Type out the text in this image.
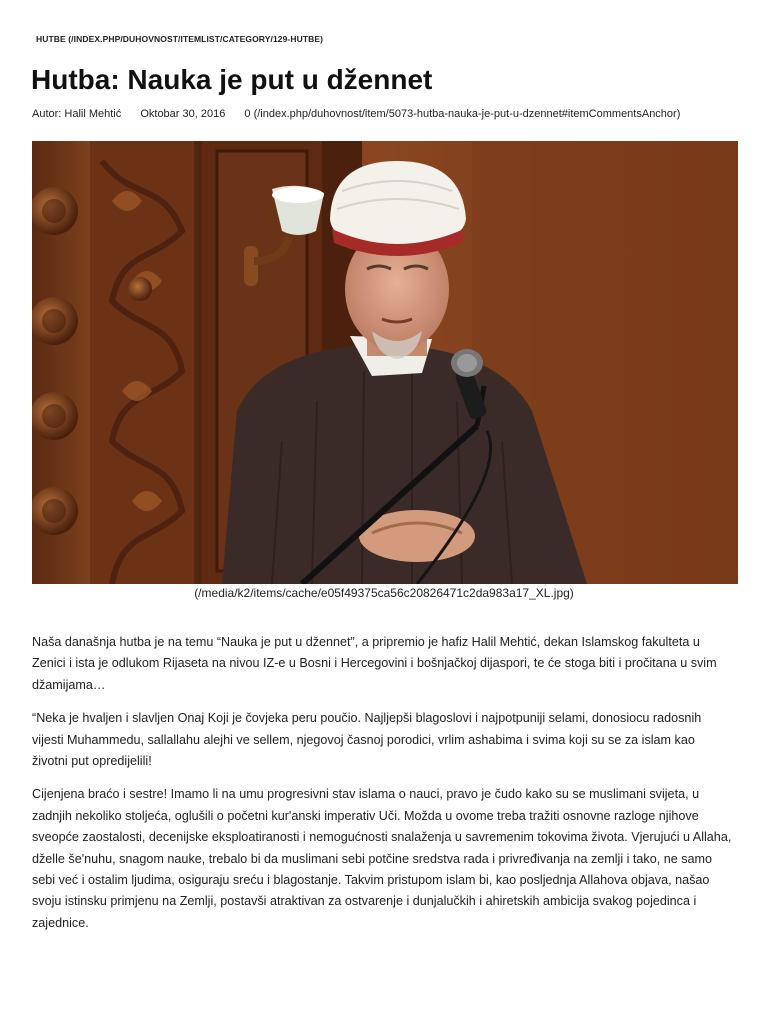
HUTBE (/INDEX.PHP/DUHOVNOST/ITEMLIST/CATEGORY/129-HUTBE)
Hutba: Nauka je put u džennet
Autor: Halil Mehtić Oktobar 30, 2016 0 (/index.php/duhovnost/item/5073-hutba-nauka-je-put-u-dzennet#itemCommentsAnchor)
(/media/k2/items/cache/e05f49375ca56c20826471c2da983a17_XL.jpg)

Naša današnja hutba je na temu “Nauka je put u džennet”, a pripremio je hafiz Halil Mehtić, dekan Islamskog fakulteta u Zenici i ista je odlukom Rijaseta na nivou IZ-e u Bosni i Hercegovini i bošnjačkoj dijaspori, te će stoga biti i pročitana u svim džamijama…

“Neka je hvaljen i slavljen Onaj Koji je čovjeka peru poučio. Najljepši blagoslovi i najpotpuniji selami, donosiocu radosnih vijesti Muhammedu, sallallahu alejhi ve sellem, njegovoj časnoj porodici, vrlim ashabima i svima koji su se za islam kao životni put opredijelili!

Cijenjena braćo i sestre! Imamo li na umu progresivni stav islama o nauci, pravo je čudo kako su se muslimani svijeta, u zadnjih nekoliko stoljeća, oglušili o početni kur'anski imperativ Uči. Možda u ovome treba tražiti osnovne razloge njihove sveopće zaostalosti, decenijske eksploatiranosti i nemogućnosti snalaženja u savremenim tokovima života. Vjerujući u Allaha, dželle še'nuhu, snagom nauke, trebalo bi da muslimani sebi potčine sredstva rada i privređivanja na zemlji i tako, ne samo sebi već i ostalim ljudima, osiguraju sreću i blagostanje. Takvim pristupom islam bi, kao posljednja Allahova objava, našao svoju istinsku primjenu na Zemlji, postavši atraktivan za ostvarenje i dunjalučkih i ahiretskih ambicija svakog pojedinca i zajednice.
